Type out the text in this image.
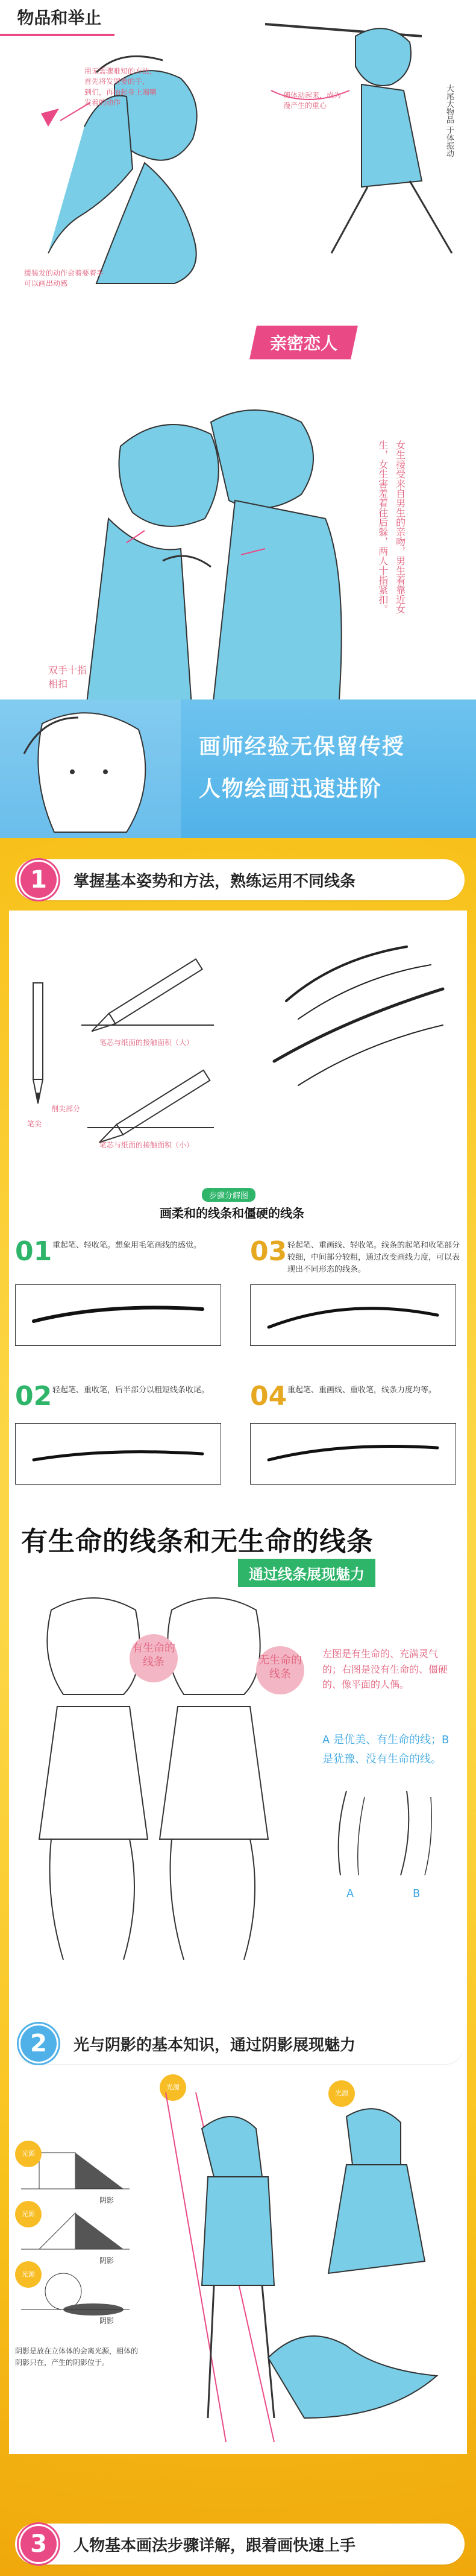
物品和举止
用无需骤难知的方法，
首先将发型要的手，
到们，再抬起身上端喇
发着的动作
缓装发的动作会着要着手
可以画出动感
随体动起来，成为
漫产生的重心	大尾大物品 于体振动
亲密恋人
女生接受来自男生的亲吻，男生着靠近女生，女生害羞着往后躲，两人十指紧扣。
双手十指
相扣
画师经验无保留传授
人物绘画迅速进阶
1	掌握基本姿势和方法，熟练运用不同线条
笔芯与纸面的接触面积（大）
笔芯与纸面的接触面积（小）
笔尖
削尖部分
步骤分解图
画柔和的线条和僵硬的线条
01 重起笔、轻收笔。想象用毛笔画线的感觉。 03 轻起笔、重画线、轻收笔。线条的起笔和收笔部分较细，中间部分较粗，通过改变画线力度，可以表现出不同形态的线条。
02 轻起笔、重收笔，后半部分以粗短线条收尾。 04 重起笔、重画线、重收笔，线条力度均等。
有生命的线条和无生命的线条
通过线条展现魅力
有生命的线条	无生命的线条
左图是有生命的、充满灵气的；右图是没有生命的、僵硬的、像平面的人偶。
A 是优美、有生命的线；B 是犹豫、没有生命的线。
A	B
2	光与阴影的基本知识，通过阴影展现魅力
光源
光源
光源
光源
光源
阴影
阴影
阴影
阴影是放在立体体的会离光源，相体的阴影只在，产生的阴影位于。
3	人物基本画法步骤详解，跟着画快速上手
